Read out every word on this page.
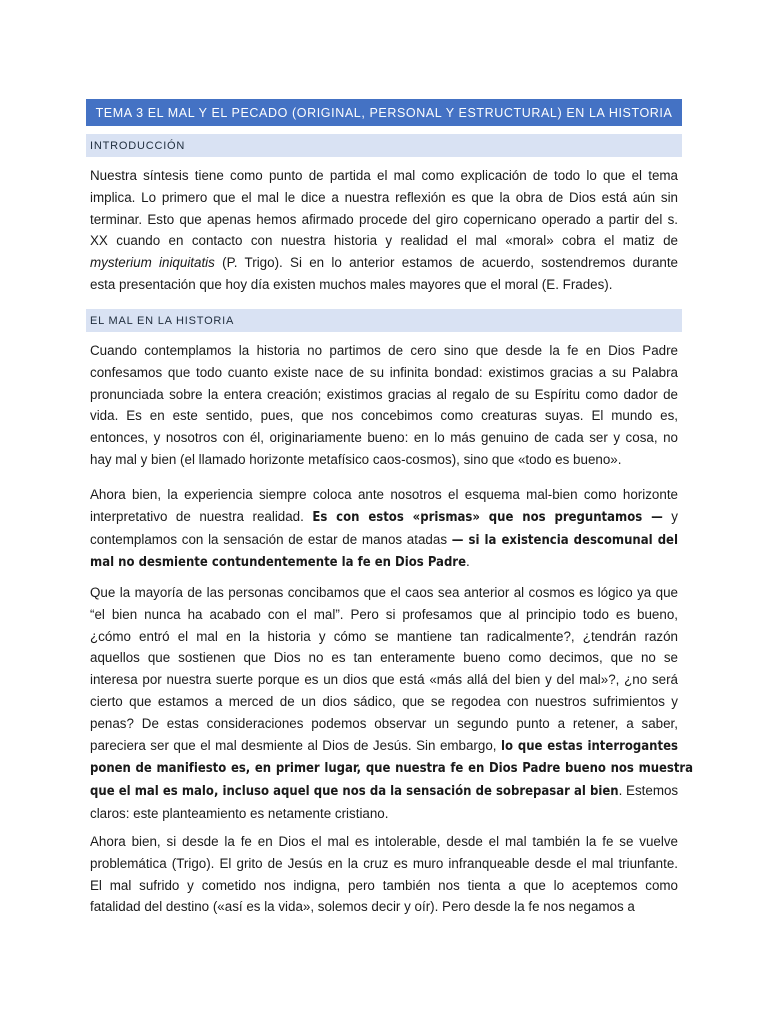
TEMA 3 EL MAL Y EL PECADO (ORIGINAL, PERSONAL Y ESTRUCTURAL) EN LA HISTORIA
INTRODUCCIÓN
Nuestra síntesis tiene como punto de partida el mal como explicación de todo lo que el tema
implica. Lo primero que el mal le dice a nuestra reflexión es que la obra de Dios está aún sin
terminar. Esto que apenas hemos afirmado procede del giro copernicano operado a partir del s.
XX cuando en contacto con nuestra historia y realidad el mal «moral» cobra el matiz de
mysterium iniquitatis (P. Trigo). Si en lo anterior estamos de acuerdo, sostendremos durante
esta presentación que hoy día existen muchos males mayores que el moral (E. Frades).
EL MAL EN LA HISTORIA
Cuando contemplamos la historia no partimos de cero sino que desde la fe en Dios Padre
confesamos que todo cuanto existe nace de su infinita bondad: existimos gracias a su Palabra
pronunciada sobre la entera creación; existimos gracias al regalo de su Espíritu como dador de
vida. Es en este sentido, pues, que nos concebimos como creaturas suyas. El mundo es,
entonces, y nosotros con él, originariamente bueno: en lo más genuino de cada ser y cosa, no
hay mal y bien (el llamado horizonte metafísico caos-cosmos), sino que «todo es bueno».
Ahora bien, la experiencia siempre coloca ante nosotros el esquema mal-bien como horizonte
interpretativo de nuestra realidad. Es con estos «prismas» que nos preguntamos — y
contemplamos con la sensación de estar de manos atadas — si la existencia descomunal del
mal no desmiente contundentemente la fe en Dios Padre.
Que la mayoría de las personas concibamos que el caos sea anterior al cosmos es lógico ya que
“el bien nunca ha acabado con el mal”. Pero si profesamos que al principio todo es bueno,
¿cómo entró el mal en la historia y cómo se mantiene tan radicalmente?, ¿tendrán razón
aquellos que sostienen que Dios no es tan enteramente bueno como decimos, que no se
interesa por nuestra suerte porque es un dios que está «más allá del bien y del mal»?, ¿no será
cierto que estamos a merced de un dios sádico, que se regodea con nuestros sufrimientos y
penas? De estas consideraciones podemos observar un segundo punto a retener, a saber,
pareciera ser que el mal desmiente al Dios de Jesús. Sin embargo, lo que estas interrogantes
ponen de manifiesto es, en primer lugar, que nuestra fe en Dios Padre bueno nos muestra
que el mal es malo, incluso aquel que nos da la sensación de sobrepasar al bien. Estemos
claros: este planteamiento es netamente cristiano.
Ahora bien, si desde la fe en Dios el mal es intolerable, desde el mal también la fe se vuelve
problemática (Trigo). El grito de Jesús en la cruz es muro infranqueable desde el mal triunfante.
El mal sufrido y cometido nos indigna, pero también nos tienta a que lo aceptemos como
fatalidad del destino («así es la vida», solemos decir y oír). Pero desde la fe nos negamos a
